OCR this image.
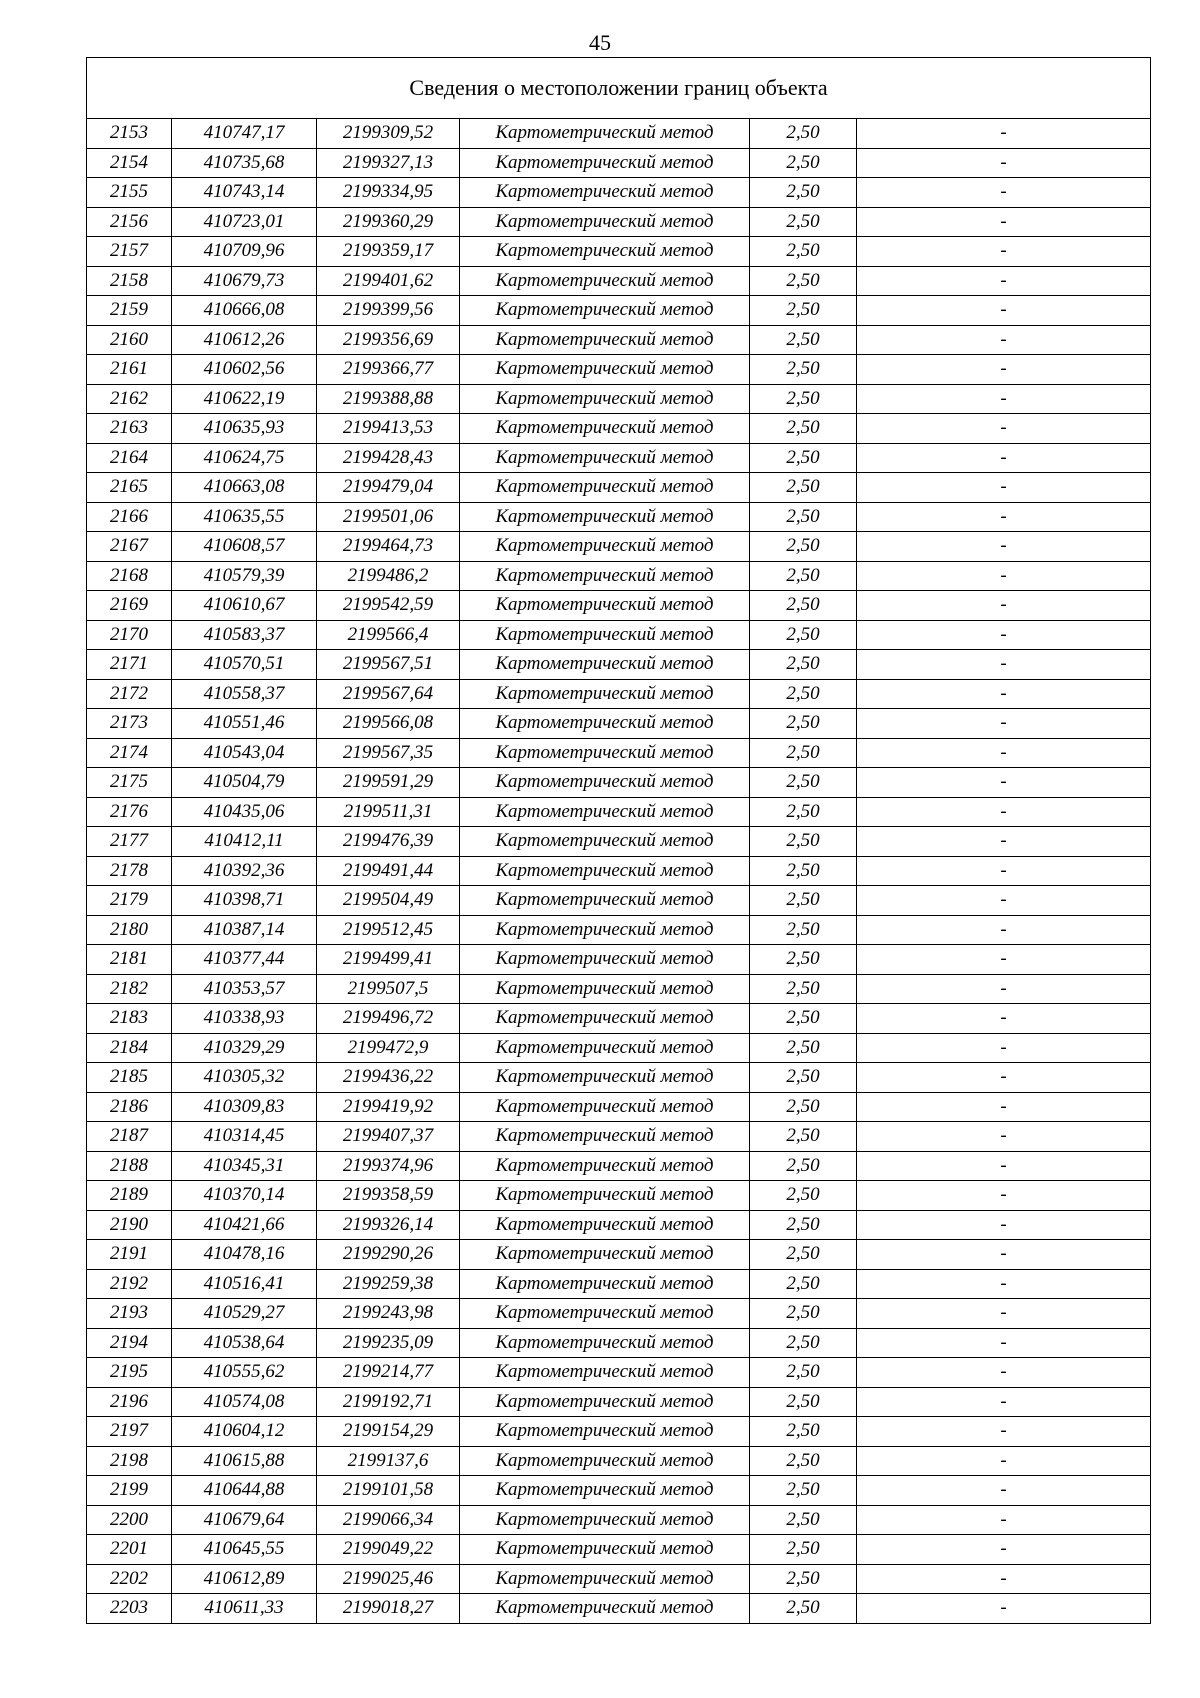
45
Сведения о местоположении границ объекта					
2153	410747,17	2199309,52	Картометрический метод	2,50	-
2154	410735,68	2199327,13	Картометрический метод	2,50	-
2155	410743,14	2199334,95	Картометрический метод	2,50	-
2156	410723,01	2199360,29	Картометрический метод	2,50	-
2157	410709,96	2199359,17	Картометрический метод	2,50	-
2158	410679,73	2199401,62	Картометрический метод	2,50	-
2159	410666,08	2199399,56	Картометрический метод	2,50	-
2160	410612,26	2199356,69	Картометрический метод	2,50	-
2161	410602,56	2199366,77	Картометрический метод	2,50	-
2162	410622,19	2199388,88	Картометрический метод	2,50	-
2163	410635,93	2199413,53	Картометрический метод	2,50	-
2164	410624,75	2199428,43	Картометрический метод	2,50	-
2165	410663,08	2199479,04	Картометрический метод	2,50	-
2166	410635,55	2199501,06	Картометрический метод	2,50	-
2167	410608,57	2199464,73	Картометрический метод	2,50	-
2168	410579,39	2199486,2	Картометрический метод	2,50	-
2169	410610,67	2199542,59	Картометрический метод	2,50	-
2170	410583,37	2199566,4	Картометрический метод	2,50	-
2171	410570,51	2199567,51	Картометрический метод	2,50	-
2172	410558,37	2199567,64	Картометрический метод	2,50	-
2173	410551,46	2199566,08	Картометрический метод	2,50	-
2174	410543,04	2199567,35	Картометрический метод	2,50	-
2175	410504,79	2199591,29	Картометрический метод	2,50	-
2176	410435,06	2199511,31	Картометрический метод	2,50	-
2177	410412,11	2199476,39	Картометрический метод	2,50	-
2178	410392,36	2199491,44	Картометрический метод	2,50	-
2179	410398,71	2199504,49	Картометрический метод	2,50	-
2180	410387,14	2199512,45	Картометрический метод	2,50	-
2181	410377,44	2199499,41	Картометрический метод	2,50	-
2182	410353,57	2199507,5	Картометрический метод	2,50	-
2183	410338,93	2199496,72	Картометрический метод	2,50	-
2184	410329,29	2199472,9	Картометрический метод	2,50	-
2185	410305,32	2199436,22	Картометрический метод	2,50	-
2186	410309,83	2199419,92	Картометрический метод	2,50	-
2187	410314,45	2199407,37	Картометрический метод	2,50	-
2188	410345,31	2199374,96	Картометрический метод	2,50	-
2189	410370,14	2199358,59	Картометрический метод	2,50	-
2190	410421,66	2199326,14	Картометрический метод	2,50	-
2191	410478,16	2199290,26	Картометрический метод	2,50	-
2192	410516,41	2199259,38	Картометрический метод	2,50	-
2193	410529,27	2199243,98	Картометрический метод	2,50	-
2194	410538,64	2199235,09	Картометрический метод	2,50	-
2195	410555,62	2199214,77	Картометрический метод	2,50	-
2196	410574,08	2199192,71	Картометрический метод	2,50	-
2197	410604,12	2199154,29	Картометрический метод	2,50	-
2198	410615,88	2199137,6	Картометрический метод	2,50	-
2199	410644,88	2199101,58	Картометрический метод	2,50	-
2200	410679,64	2199066,34	Картометрический метод	2,50	-
2201	410645,55	2199049,22	Картометрический метод	2,50	-
2202	410612,89	2199025,46	Картометрический метод	2,50	-
2203	410611,33	2199018,27	Картометрический метод	2,50	-
